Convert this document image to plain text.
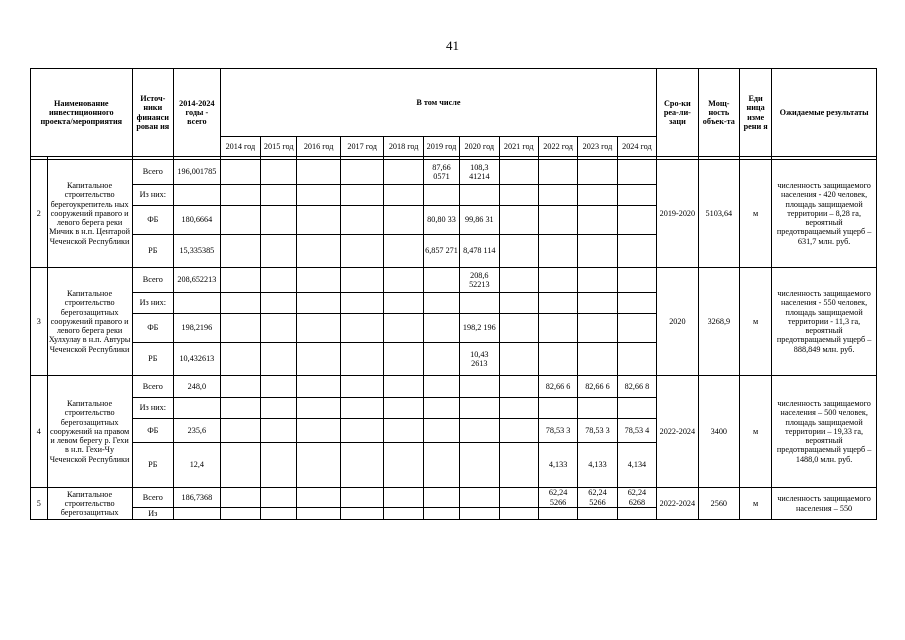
41
Наименование инвестиционного проекта/мероприятия		Источ-ники финанси рован ия	2014-2024 годы - всего	В том числе											Сро-ки реа-ли-заци	Мощ-ность объек-та	Еди ница изме рени я	Ожидаемые результаты
				2014 год	2015 год	2016 год	2017 год	2018 год	2019 год	2020 год	2021 год	2022 год	2023 год	2024 год				

2	Капитальное строительство берегоукрепитель ных сооружений правого и левого берега реки Мичик в н.п. Центарой Чеченской Республики	Всего	196,001785						87,66 0571	108,3 41214					2019-2020	5103,64	м	численность защищаемого населения - 420 человек, площадь защищаемой территории – 8,28 га, вероятный предотвращаемый ущерб – 631,7 млн. руб.
		Из них:																
		ФБ	180,6664						80,80 33	99,86 31								
		РБ	15,335385						6,857 271	8,478 114								
3	Капитальное строительство берегозащитных сооружений правого и левого берега реки Хулхулау в н.п. Автуры Чеченской Республики	Всего	208,652213							208,6 52213					2020	3268,9	м	численность защищаемого населения - 550 человек, площадь защищаемой территории - 11,3 га, вероятный предотвращаемый ущерб – 888,849 млн. руб.
		Из них:																
		ФБ	198,2196							198,2 196								
		РБ	10,432613							10,43 2613								
4	Капитальное строительство берегозащитных сооружений на правом и левом берегу р. Гехи в н.п. Гехи-Чу Чеченской Республики	Всего	248,0									82,66 6	82,66 6	82,66 8	2022-2024	3400	м	численность защищаемого населения – 500 человек, площадь защищаемой территории – 19,33 га, вероятный предотвращаемый ущерб – 1488,0 млн. руб.
		Из них:																
		ФБ	235,6									78,53 3	78,53 3	78,53 4				
		РБ	12,4									4,133	4,133	4,134				
5	Капитальное строительство берегозащитных	Всего	186,7368									62,24 5266	62,24 5266	62,24 6268	2022-2024	2560	м	численность защищаемого населения – 550
		Из																
